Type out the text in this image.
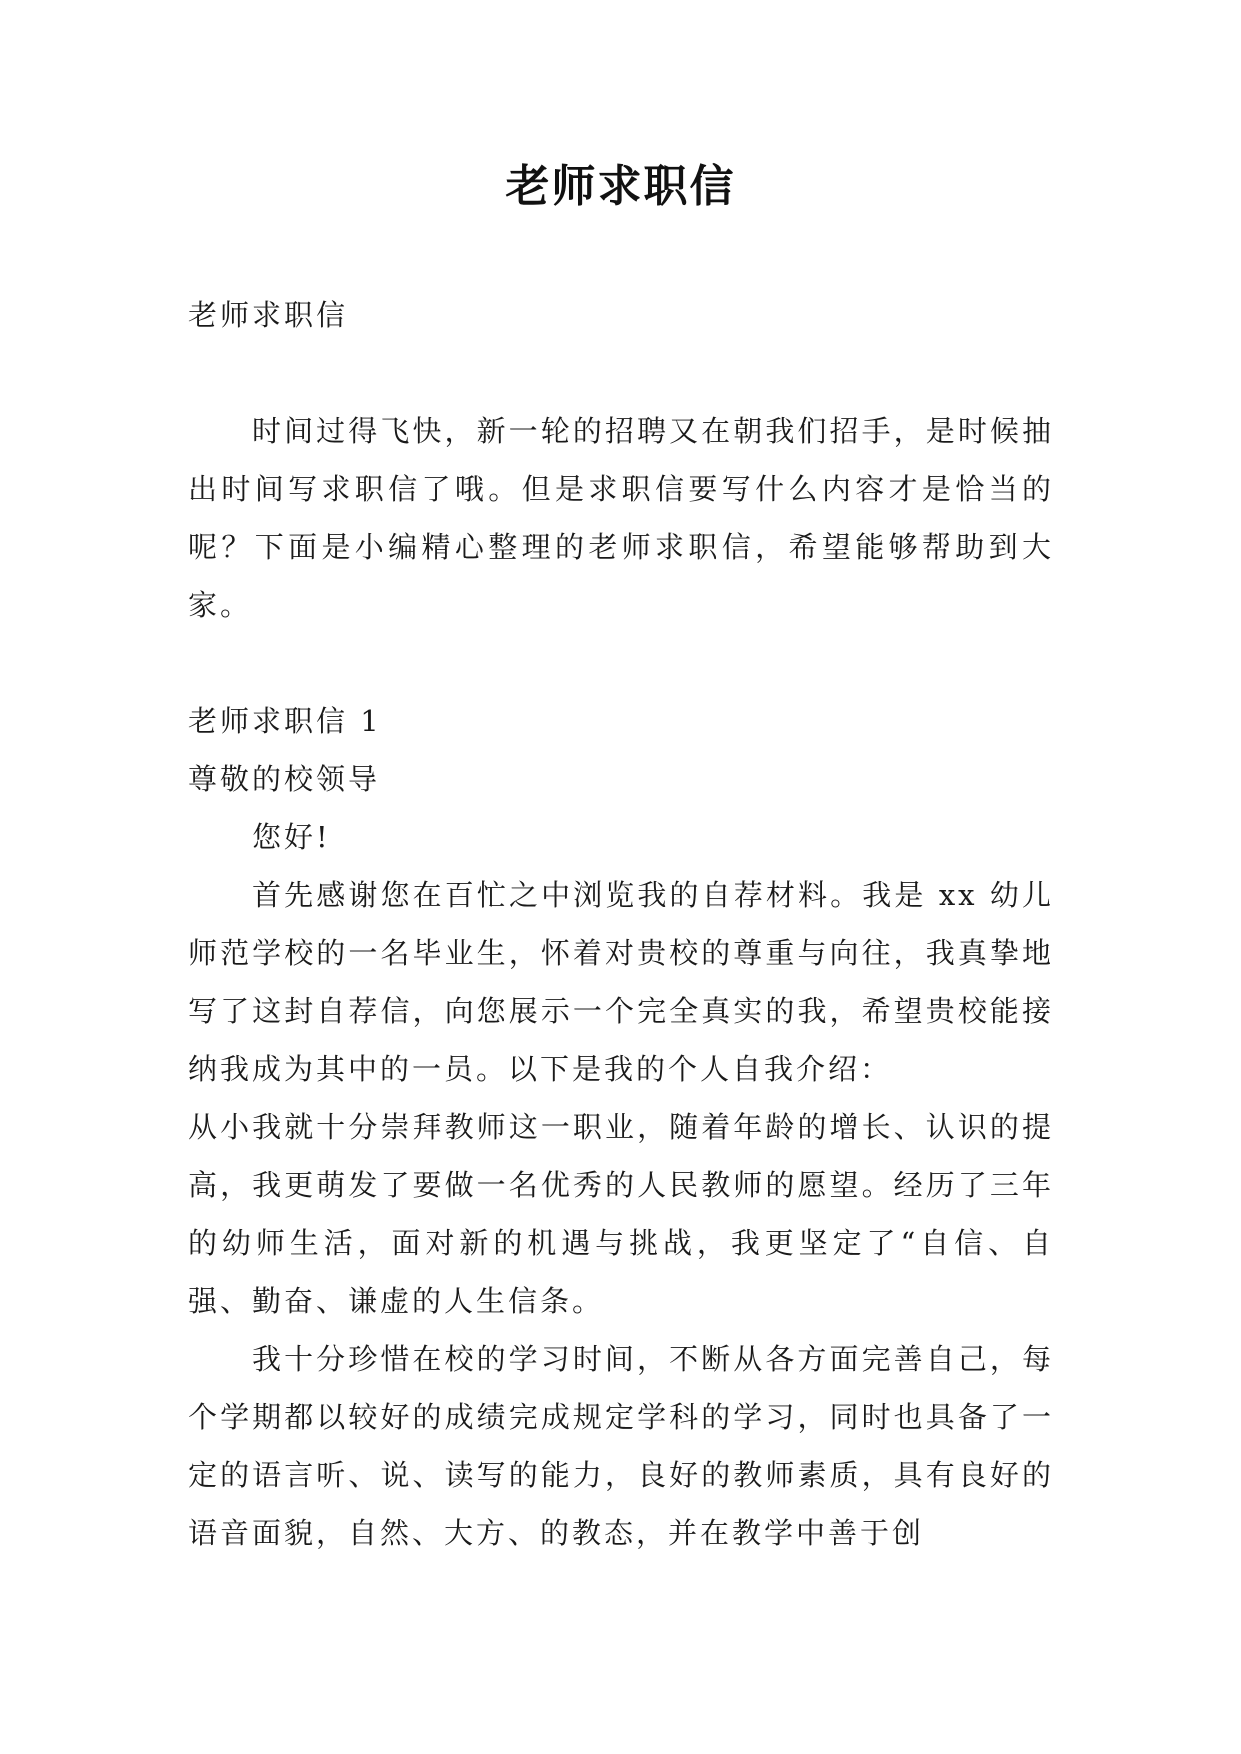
老师求职信

老师求职信

时间过得飞快，新一轮的招聘又在朝我们招手，是时候抽出时间写求职信了哦。但是求职信要写什么内容才是恰当的呢？下面是小编精心整理的老师求职信，希望能够帮助到大家。

老师求职信 1

尊敬的校领导

您好!

首先感谢您在百忙之中浏览我的自荐材料。我是 xx 幼儿师范学校的一名毕业生，怀着对贵校的尊重与向往，我真挚地写了这封自荐信，向您展示一个完全真实的我，希望贵校能接纳我成为其中的一员。以下是我的个人自我介绍：

从小我就十分崇拜教师这一职业，随着年龄的增长、认识的提高，我更萌发了要做一名优秀的人民教师的愿望。经历了三年的幼师生活，面对新的机遇与挑战，我更坚定了“自信、自强、勤奋、谦虚的人生信条。

我十分珍惜在校的学习时间，不断从各方面完善自己，每个学期都以较好的成绩完成规定学科的学习，同时也具备了一定的语言听、说、读写的能力，良好的教师素质，具有良好的语音面貌，自然、大方、的教态，并在教学中善于创
